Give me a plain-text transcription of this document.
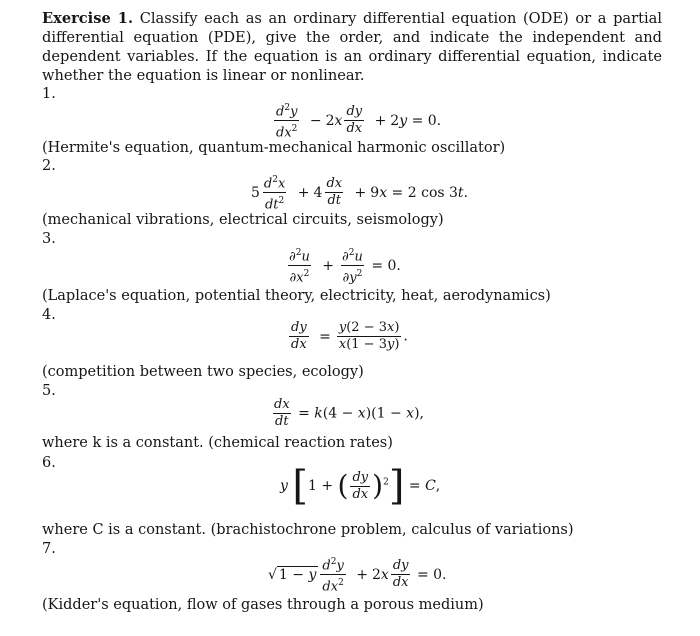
Exercise 1. Classify each as an ordinary differential equation (ODE) or a partial differential equation (PDE), give the order, and indicate the independent and dependent variables. If the equation is an ordinary differential equation, indicate whether the equation is linear or nonlinear.
1.
$\frac{d^2y}{dx^2} - 2x \frac{dy}{dx} + 2y = 0$.
(Hermite's equation, quantum-mechanical harmonic oscillator)
2.
$5 \frac{d^2x}{dt^2} + 4 \frac{dx}{dt} + 9x = 2$ cos 3t.
(mechanical vibrations, electrical circuits, seismology)
3.
$\frac{\partial^2u}{\partial x^2} + \frac{\partial^2u}{\partial y^2} = 0$.
(Laplace's equation, potential theory, electricity, heat, aerodynamics)
4.
$\frac{dy}{dx} = \frac{y(2 - 3x)}{x(1 - 3y)}$ .
(competition between two species, ecology)
5.
$\frac{dx}{dt} = k(4 - x)(1 - x)$,
where k is a constant. (chemical reaction rates)
6.
y [1 + ( $\frac{dy}{dx} )^2] = C$,
where C is a constant. (brachistochrone problem, calculus of variations)
7.
√ 1 − y $\frac{d^2y}{dx^2} + 2x \frac{dy}{dx} = 0$.
(Kidder's equation, flow of gases through a porous medium)
